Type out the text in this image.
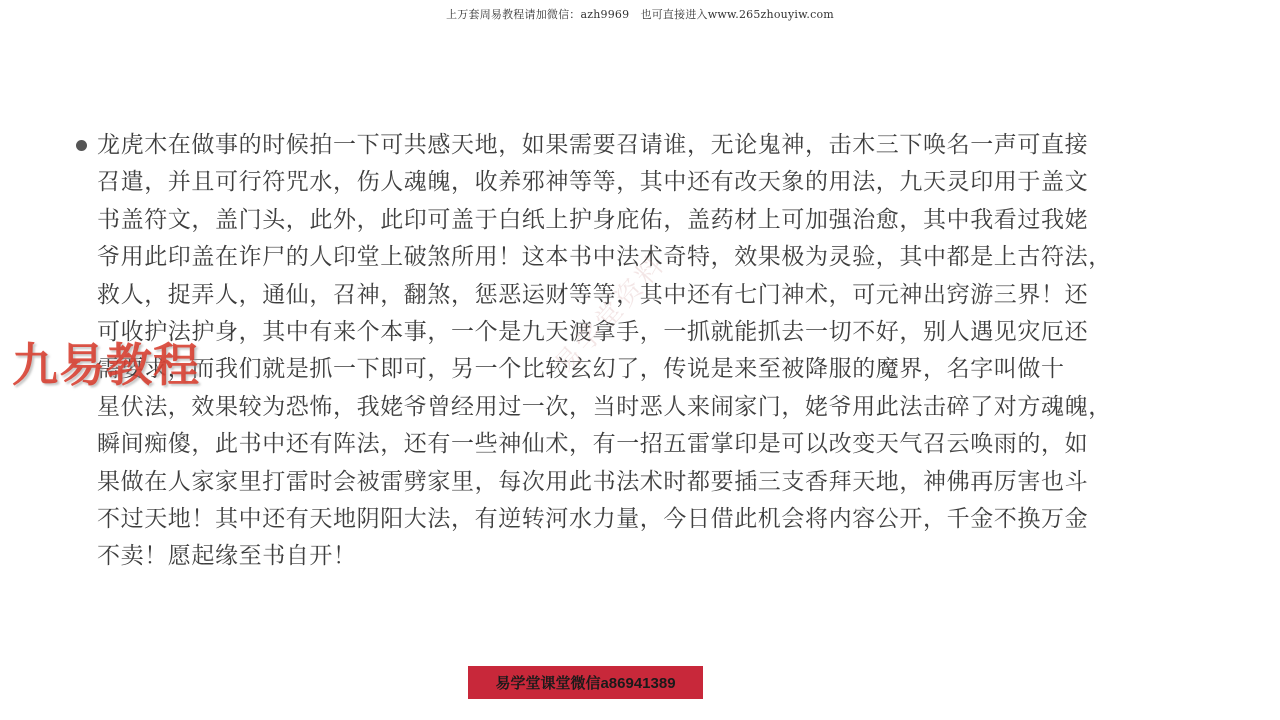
上万套周易教程请加微信：azh9969　也可直接进入www.265zhouyiw.com

龙虎木在做事的时候拍一下可共感天地，如果需要召请谁，无论鬼神，击木三下唤名一声可直接
召遣，并且可行符咒水，伤人魂魄，收养邪神等等，其中还有改天象的用法，九天灵印用于盖文
书盖符文，盖门头，此外，此印可盖于白纸上护身庇佑，盖药材上可加强治愈，其中我看过我姥
爷用此印盖在诈尸的人印堂上破煞所用！这本书中法术奇特，效果极为灵验，其中都是上古符法，
救人，捉弄人，通仙，召神，翻煞，惩恶运财等等，其中还有七门神术，可元神出窍游三界！还
可收护法护身，其中有来个本事，一个是九天渡拿手，一抓就能抓去一切不好，别人遇见灾厄还
需要求，而我们就是抓一下即可，另一个比较玄幻了，传说是来至被降服的魔界，名字叫做十
星伏法，效果较为恐怖，我姥爷曾经用过一次，当时恶人来闹家门，姥爷用此法击碎了对方魂魄，
瞬间痴傻，此书中还有阵法，还有一些神仙术，有一招五雷掌印是可以改变天气召云唤雨的，如
果做在人家家里打雷时会被雷劈家里，每次用此书法术时都要插三支香拜天地，神佛再厉害也斗
不过天地！其中还有天地阴阳大法，有逆转河水力量，今日借此机会将内容公开，千金不换万金
不卖！愿起缘至书自开！

易学堂资料
九易教程
易学堂课堂微信a86941389
